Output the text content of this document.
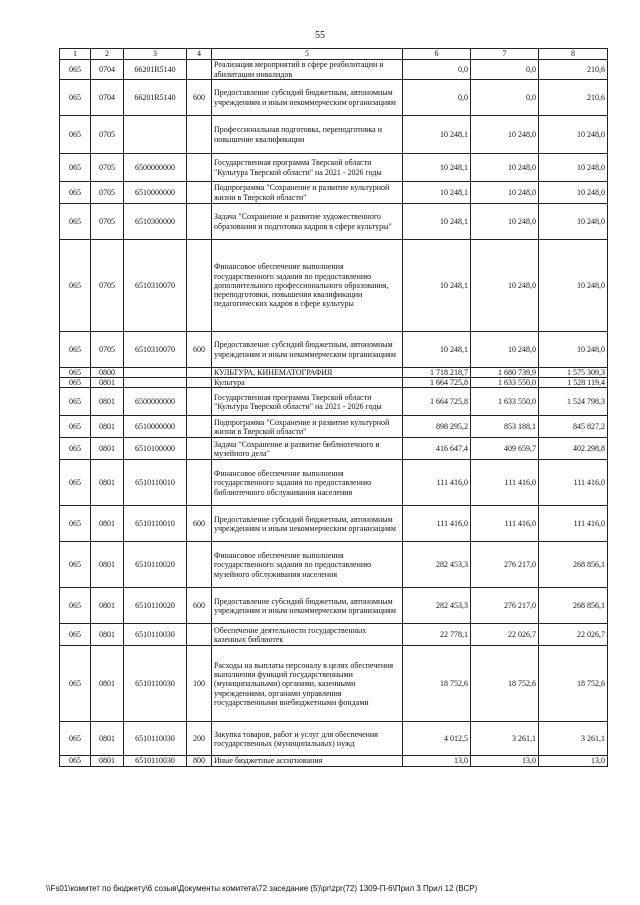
55
1	2	3	4	5	6	7	8
065	0704	66201R5140		Реализация мероприятий в сфере реабилитации и абилитации инвалидов	0,0	0,0	210,6
065	0704	66201R5140	600	Предоставление субсидий бюджетным, автономным учреждениям и иным некоммерческим организациям	0,0	0,0	210,6
065	0705			Профессиональная подготовка, переподготовка и повышение квалификации	10 248,1	10 248,0	10 248,0
065	0705	6500000000		Государственная программа Тверской области "Культура Тверской области" на 2021 - 2026 годы	10 248,1	10 248,0	10 248,0
065	0705	6510000000		Подпрограмма "Сохранение и развитие культурной жизни в Тверской области"	10 248,1	10 248,0	10 248,0
065	0705	6510300000		Задача "Сохранение и развитие художественного образования и подготовка кадров в сфере культуры"	10 248,1	10 248,0	10 248,0
065	0705	6510310070		Финансовое обеспечение выполнения государственного задания по предоставлению дополнительного профессионального образования, переподготовки, повышения квалификации педагогических кадров в сфере культуры	10 248,1	10 248,0	10 248,0
065	0705	6510310070	600	Предоставление субсидий бюджетным, автономным учреждениям и иным некоммерческим организациям	10 248,1	10 248,0	10 248,0
065	0800			КУЛЬТУРА, КИНЕМАТОГРАФИЯ	1 718 218,7	1 680 739,9	1 575 309,3
065	0801			Культура	1 664 725,8	1 633 550,0	1 528 119,4
065	0801	6500000000		Государственная программа Тверской области "Культура Тверской области" на 2021 - 2026 годы	1 664 725,8	1 633 550,0	1 524 798,3
065	0801	6510000000		Подпрограмма "Сохранение и развитие культурной жизни в Тверской области"	898 295,2	853 188,1	845 827,2
065	0801	6510100000		Задача "Сохранение и развитие библиотечного и музейного дела"	416 647,4	409 659,7	402 298,8
065	0801	6510110010		Финансовое обеспечение выполнения государственного задания по предоставлению библиотечного обслуживания населения	111 416,0	111 416,0	111 416,0
065	0801	6510110010	600	Предоставление субсидий бюджетным, автономным учреждениям и иным некоммерческим организациям	111 416,0	111 416,0	111 416,0
065	0801	6510110020		Финансовое обеспечение выполнения государственного задания по предоставлению музейного обслуживания населения	282 453,3	276 217,0	268 856,1
065	0801	6510110020	600	Предоставление субсидий бюджетным, автономным учреждениям и иным некоммерческим организациям	282 453,3	276 217,0	268 856,1
065	0801	6510110030		Обеспечение деятельности государственных казенных библиотек	22 778,1	22 026,7	22 026,7
065	0801	6510110030	100	Расходы на выплаты персоналу в целях обеспечения выполнения функций государственными (муниципальными) органами, казенными учреждениями, органами управления государственными внебюджетными фондами	18 752,6	18 752,6	18 752,6
065	0801	6510110030	200	Закупка товаров, работ и услуг для обеспечения государственных (муниципальных) нужд	4 012,5	3 261,1	3 261,1
065	0801	6510110030	800	Иные бюджетные ассигнования	13,0	13,0	13,0
\\Fs01\комитет по бюджету\6 созыв\Документы комитета\72 заседание (5)\pr\zpr(72) 1309-П-6\Прил 3 Прил 12 (ВСР)
